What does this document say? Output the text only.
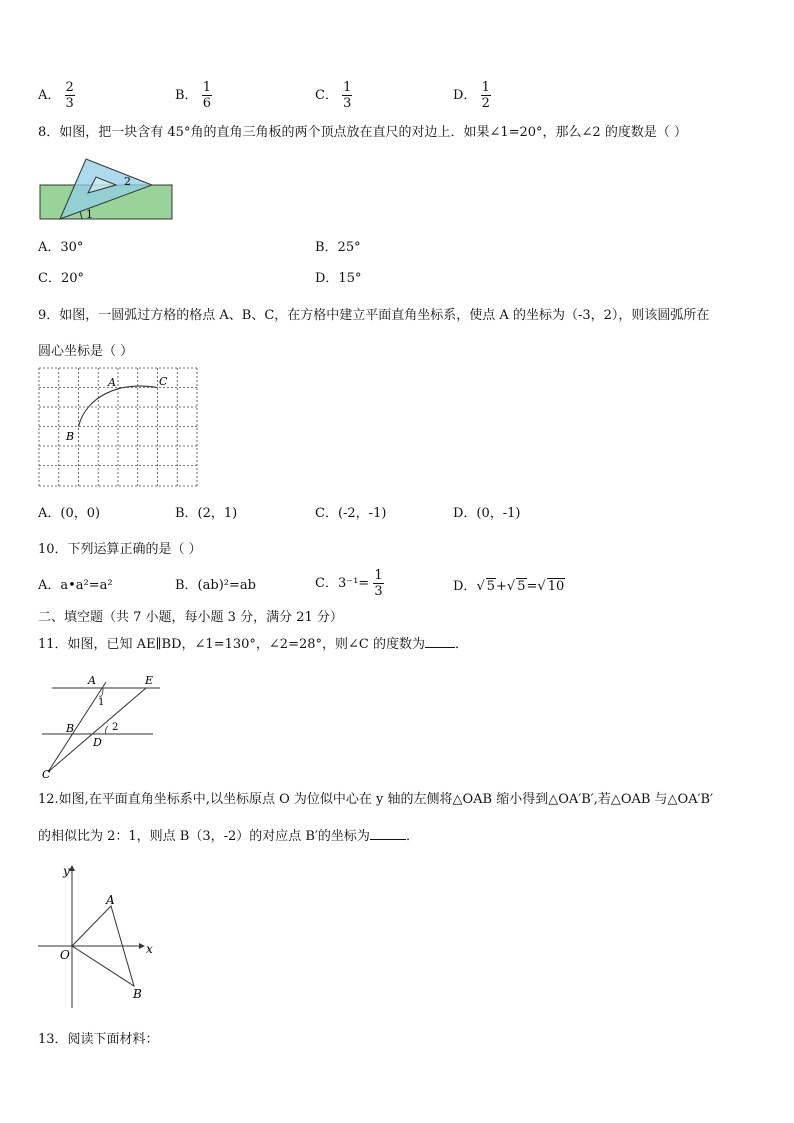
A． $\frac{2}{3}$	B． $\frac{1}{6}$	C． $\frac{1}{3}$	D． $\frac{1}{2}$
8．如图，把一块含有 45°角的直角三角板的两个顶点放在直尺的对边上．如果∠1=20°，那么∠2 的度数是（ ）
2
1
A．30°	B．25°
C．20°	D．15°
9．如图，一圆弧过方格的格点 A、B、C，在方格中建立平面直角坐标系，使点 A 的坐标为（-3，2），则该圆弧所在
圆心坐标是（ ）
A	C
B
A．(0，0)	B．(2，1)	C．(-2，-1)	D．(0，-1)
10．下列运算正确的是（ ）
A．a•a²=a²	B．(ab)²=ab	C．$3^{-1}= \frac{1}{3}$	D．√ 5+√ 5=√ 10
二、填空题（共 7 小题，每小题 3 分，满分 21 分）
11．如图，已知 AE∥BD，∠1=130°，∠2=28°，则∠C 的度数为 ．
A	E
1
B	2
D
C
12.如图,在平面直角坐标系中,以坐标原点 O 为位似中心在 y 轴的左侧将△OAB 缩小得到△OA′B′,若△OAB 与△OA′B′
的相似比为 2：1，则点 B（3，-2）的对应点 B′的坐标为	．
y
x
O
A
B
13．阅读下面材料：
